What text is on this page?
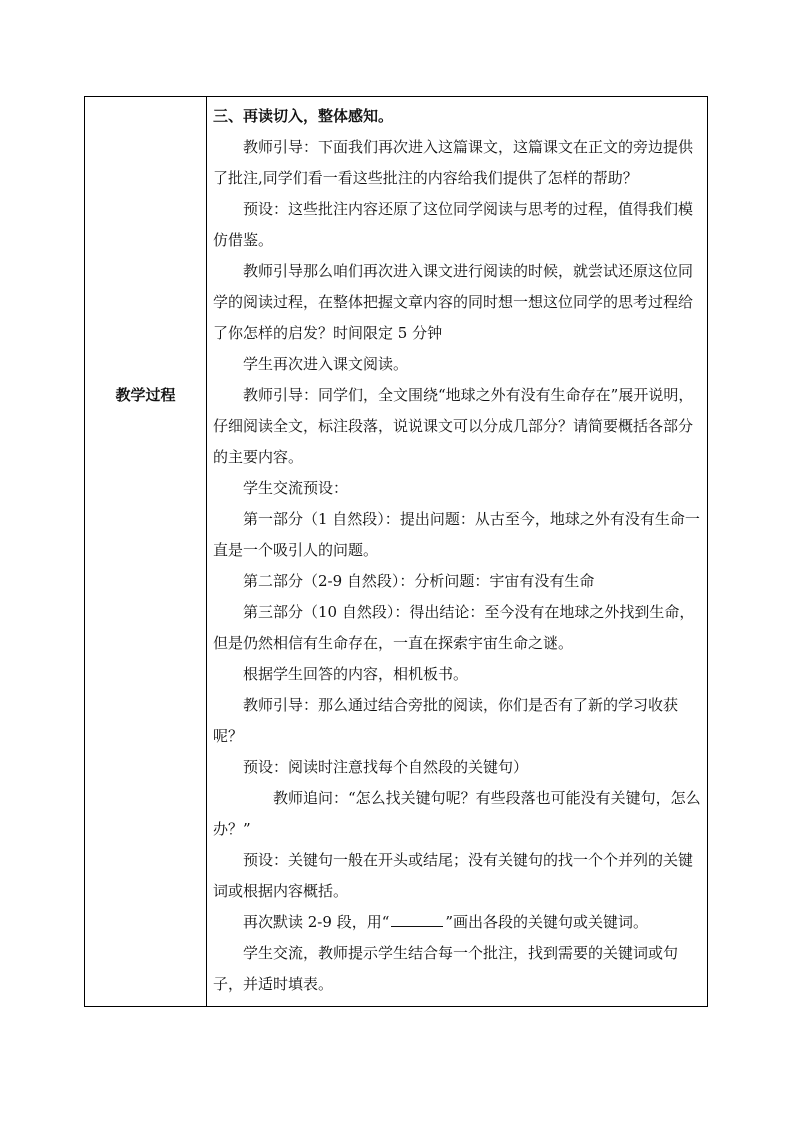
教学过程

三、再读切入，整体感知。

教师引导：下面我们再次进入这篇课文，这篇课文在正文的旁边提供了批注,同学们看一看这些批注的内容给我们提供了怎样的帮助？

预设：这些批注内容还原了这位同学阅读与思考的过程，值得我们模仿借鉴。

教师引导那么咱们再次进入课文进行阅读的时候，就尝试还原这位同学的阅读过程，在整体把握文章内容的同时想一想这位同学的思考过程给了你怎样的启发？时间限定 5 分钟

学生再次进入课文阅读。

教师引导：同学们，全文围绕“地球之外有没有生命存在”展开说明，仔细阅读全文，标注段落，说说课文可以分成几部分？请简要概括各部分的主要内容。

学生交流预设：

第一部分（1 自然段）：提出问题：从古至今，地球之外有没有生命一直是一个吸引人的问题。

第二部分（2-9 自然段）：分析问题：宇宙有没有生命

第三部分（10 自然段）：得出结论：至今没有在地球之外找到生命，但是仍然相信有生命存在，一直在探索宇宙生命之谜。

根据学生回答的内容，相机板书。

教师引导：那么通过结合旁批的阅读，你们是否有了新的学习收获呢？

预设：阅读时注意找每个自然段的关键句）

教师追问：“怎么找关键句呢？有些段落也可能没有关键句，怎么办？”

预设：关键句一般在开头或结尾；没有关键句的找一个个并列的关键词或根据内容概括。

再次默读 2-9 段，用“	”画出各段的关键句或关键词。

学生交流，教师提示学生结合每一个批注，找到需要的关键词或句子，并适时填表。
